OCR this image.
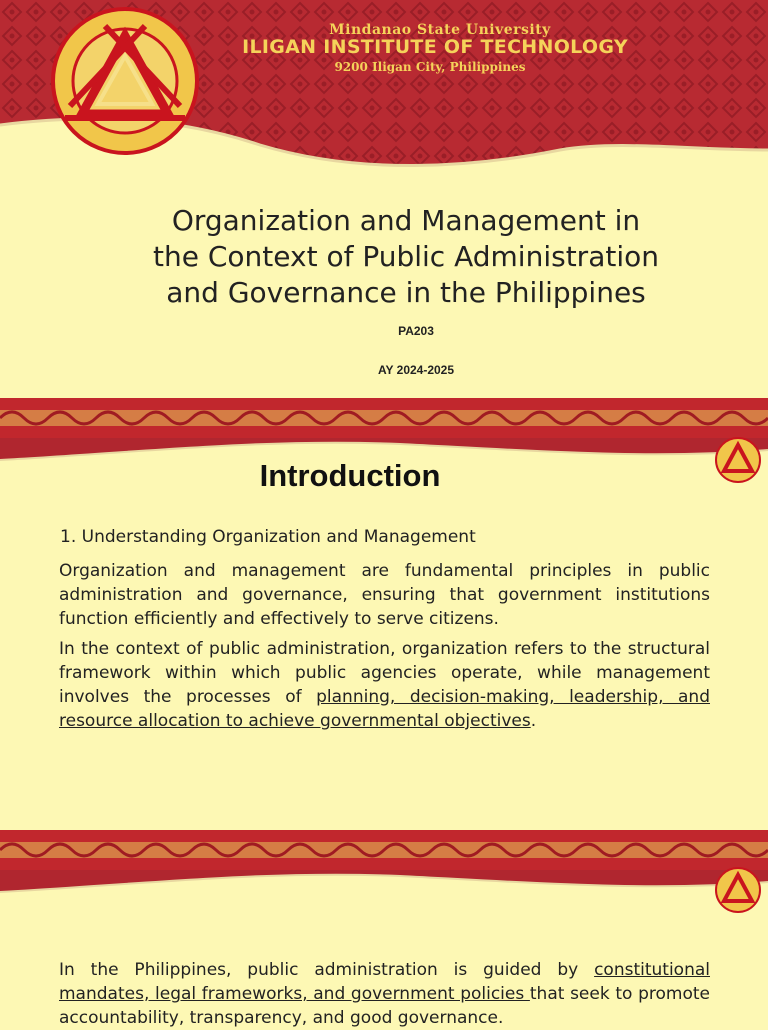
Mindanao State University
ILIGAN INSTITUTE OF TECHNOLOGY
9200 Iligan City, Philippines
Organization and Management in
the Context of Public Administration
and Governance in the Philippines
PA203
AY 2024-2025
Introduction
1. Understanding Organization and Management
Organization and management are fundamental principles in public administration and governance, ensuring that government institutions function efficiently and effectively to serve citizens.
In the context of public administration, organization refers to the structural framework within which public agencies operate, while management involves the processes of planning, decision-making, leadership, and resource allocation to achieve governmental objectives.
In the Philippines, public administration is guided by constitutional mandates, legal frameworks, and government policies that seek to promote accountability, transparency, and good governance.
